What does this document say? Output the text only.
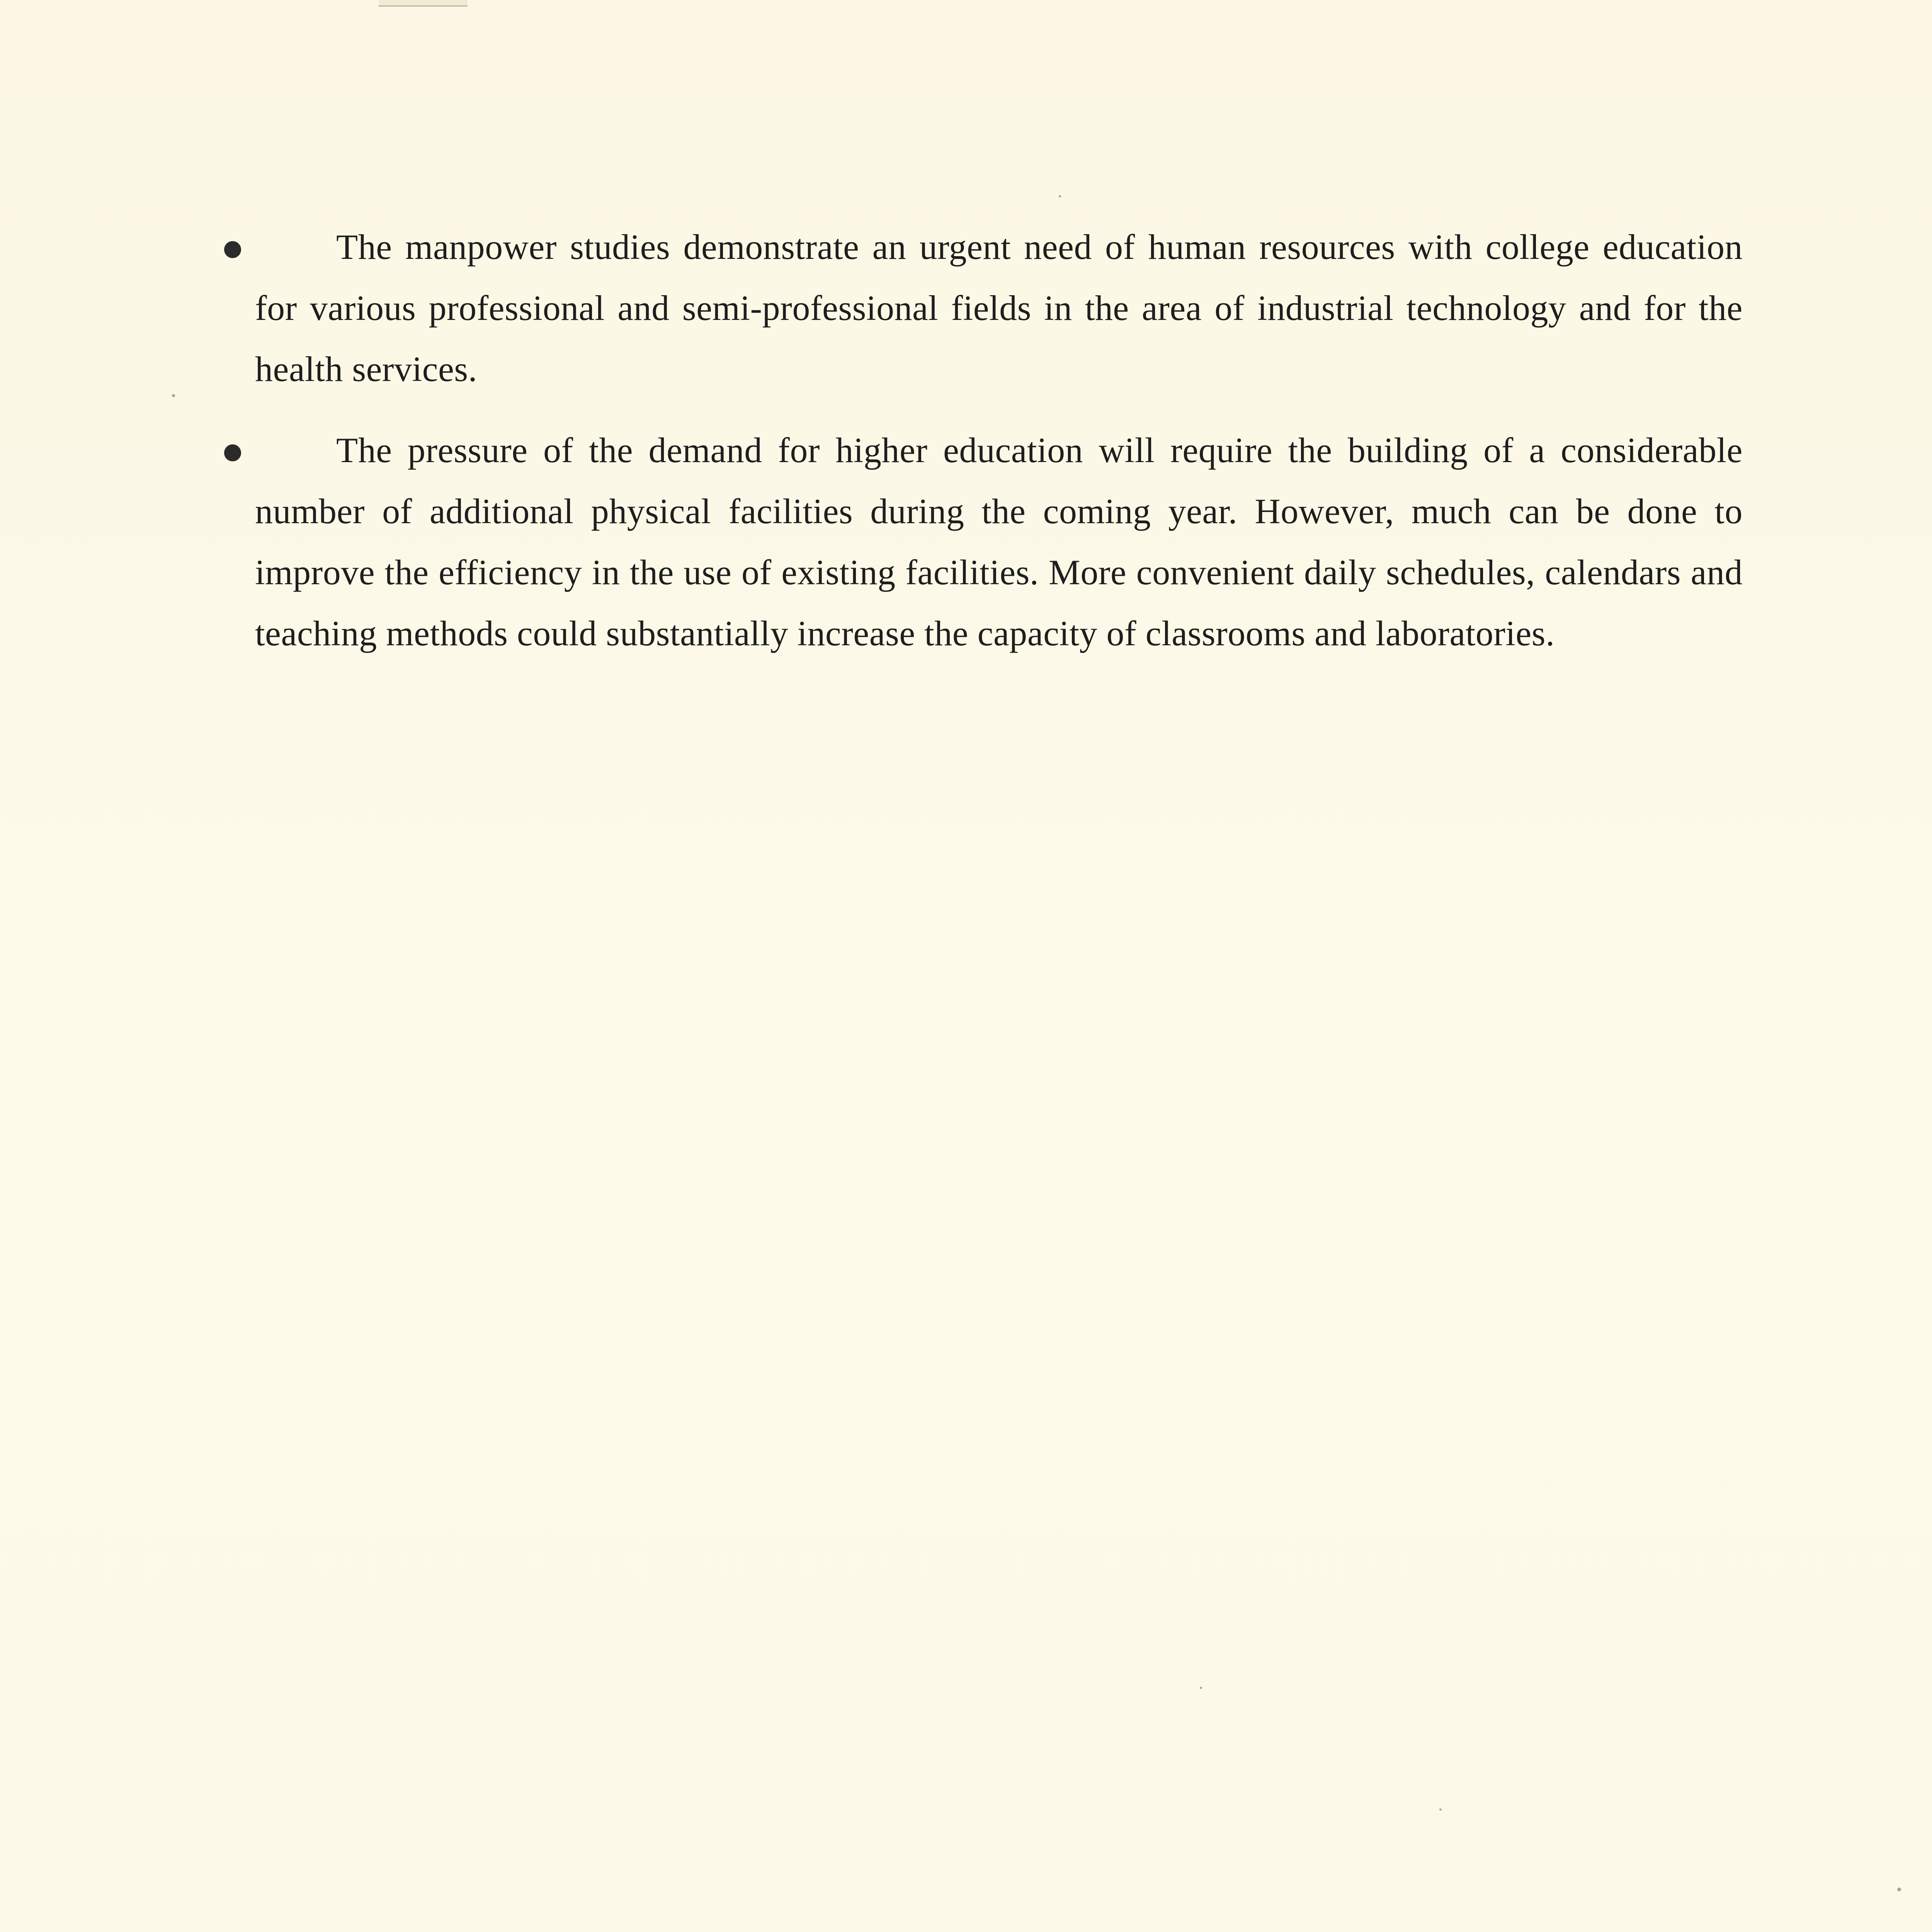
The manpower studies demonstrate an urgent need of human resources with college education for various professional and semi-professional fields in the area of industrial technology and for the health services.

The pressure of the demand for higher education will require the building of a considerable number of additional physical facilities during the coming year. However, much can be done to improve the efficiency in the use of existing facilities. More convenient daily schedules, calendars and teaching methods could substantially increase the capacity of classrooms and laboratories.
